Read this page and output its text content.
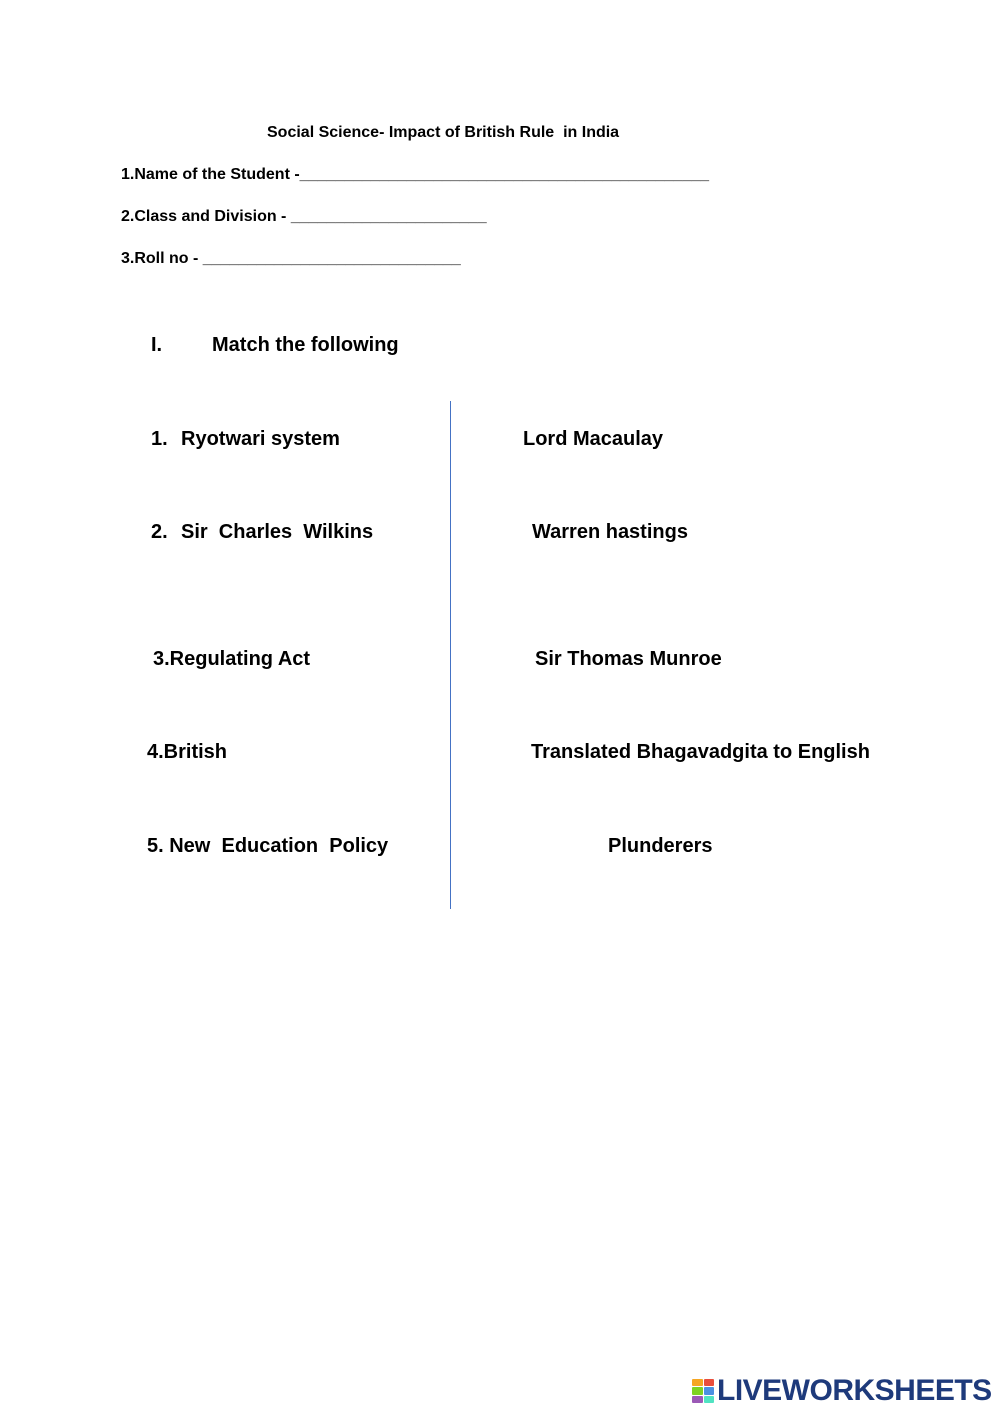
Social Science- Impact of British Rule  in India
1.Name of the Student -______________________________________________
2.Class and Division - ______________________
3.Roll no - _____________________________
I. Match the following
1. Ryotwari system
2. Sir  Charles  Wilkins
3.Regulating Act
4.British
5. New  Education  Policy
Lord Macaulay
Warren hastings
Sir Thomas Munroe
Translated Bhagavadgita to English
Plunderers
LIVEWORKSHEETS
